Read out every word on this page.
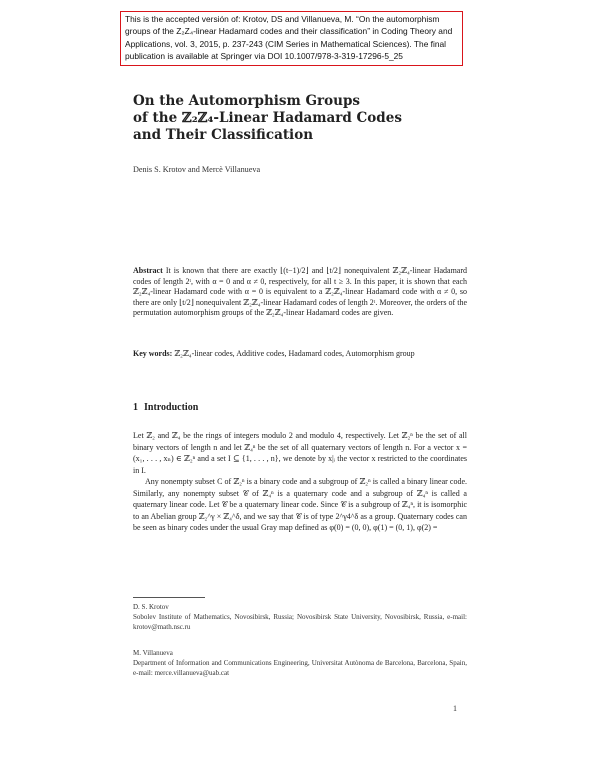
This is the accepted versión of: Krotov, DS and Villanueva, M. “On the automorphism groups of the Z₂Z₄-linear Hadamard codes and their classification” in Coding Theory and Applications, vol. 3, 2015, p. 237-243 (CIM Series in Mathematical Sciences). The final publication is available at Springer via DOI 10.1007/978-3-319-17296-5_25
On the Automorphism Groups
of the ℤ₂ℤ₄-Linear Hadamard Codes
and Their Classification
Denis S. Krotov and Mercè Villanueva
Abstract It is known that there are exactly ⌊(t−1)/2⌋ and ⌊t/2⌋ nonequivalent ℤ₂ℤ₄-linear Hadamard codes of length 2ᵗ, with α = 0 and α ≠ 0, respectively, for all t ≥ 3. In this paper, it is shown that each ℤ₂ℤ₄-linear Hadamard code with α = 0 is equivalent to a ℤ₂ℤ₄-linear Hadamard code with α ≠ 0, so there are only ⌊t/2⌋ nonequivalent ℤ₂ℤ₄-linear Hadamard codes of length 2ᵗ. Moreover, the orders of the permutation automorphism groups of the ℤ₂ℤ₄-linear Hadamard codes are given.
Key words: ℤ₂ℤ₄-linear codes, Additive codes, Hadamard codes, Automorphism group
1 Introduction

Let ℤ₂ and ℤ₄ be the rings of integers modulo 2 and modulo 4, respectively. Let ℤ₂ⁿ be the set of all binary vectors of length n and let ℤ₄ⁿ be the set of all quaternary vectors of length n. For a vector x = (x₁, . . . , xₙ) ∈ ℤ₂ⁿ and a set I ⊆ {1, . . . , n}, we denote by x|ᵢ the vector x restricted to the coordinates in I.

Any nonempty subset C of ℤ₂ⁿ is a binary code and a subgroup of ℤ₂ⁿ is called a binary linear code. Similarly, any nonempty subset 𝒞 of ℤ₄ⁿ is a quaternary code and a subgroup of ℤ₄ⁿ is called a quaternary linear code. Let 𝒞 be a quaternary linear code. Since 𝒞 is a subgroup of ℤ₄ⁿ, it is isomorphic to an Abelian group ℤ₂^γ × ℤ₄^δ, and we say that 𝒞 is of type 2^γ4^δ as a group. Quaternary codes can be seen as binary codes under the usual Gray map defined as φ(0) = (0, 0), φ(1) = (0, 1), φ(2) =

D. S. Krotov
Sobolev Institute of Mathematics, Novosibirsk, Russia; Novosibirsk State University, Novosibirsk, Russia, e-mail: krotov@math.nsc.ru
M. Villanueva
Department of Information and Communications Engineering, Universitat Autònoma de Barcelona, Barcelona, Spain, e-mail: merce.villanueva@uab.cat
1
